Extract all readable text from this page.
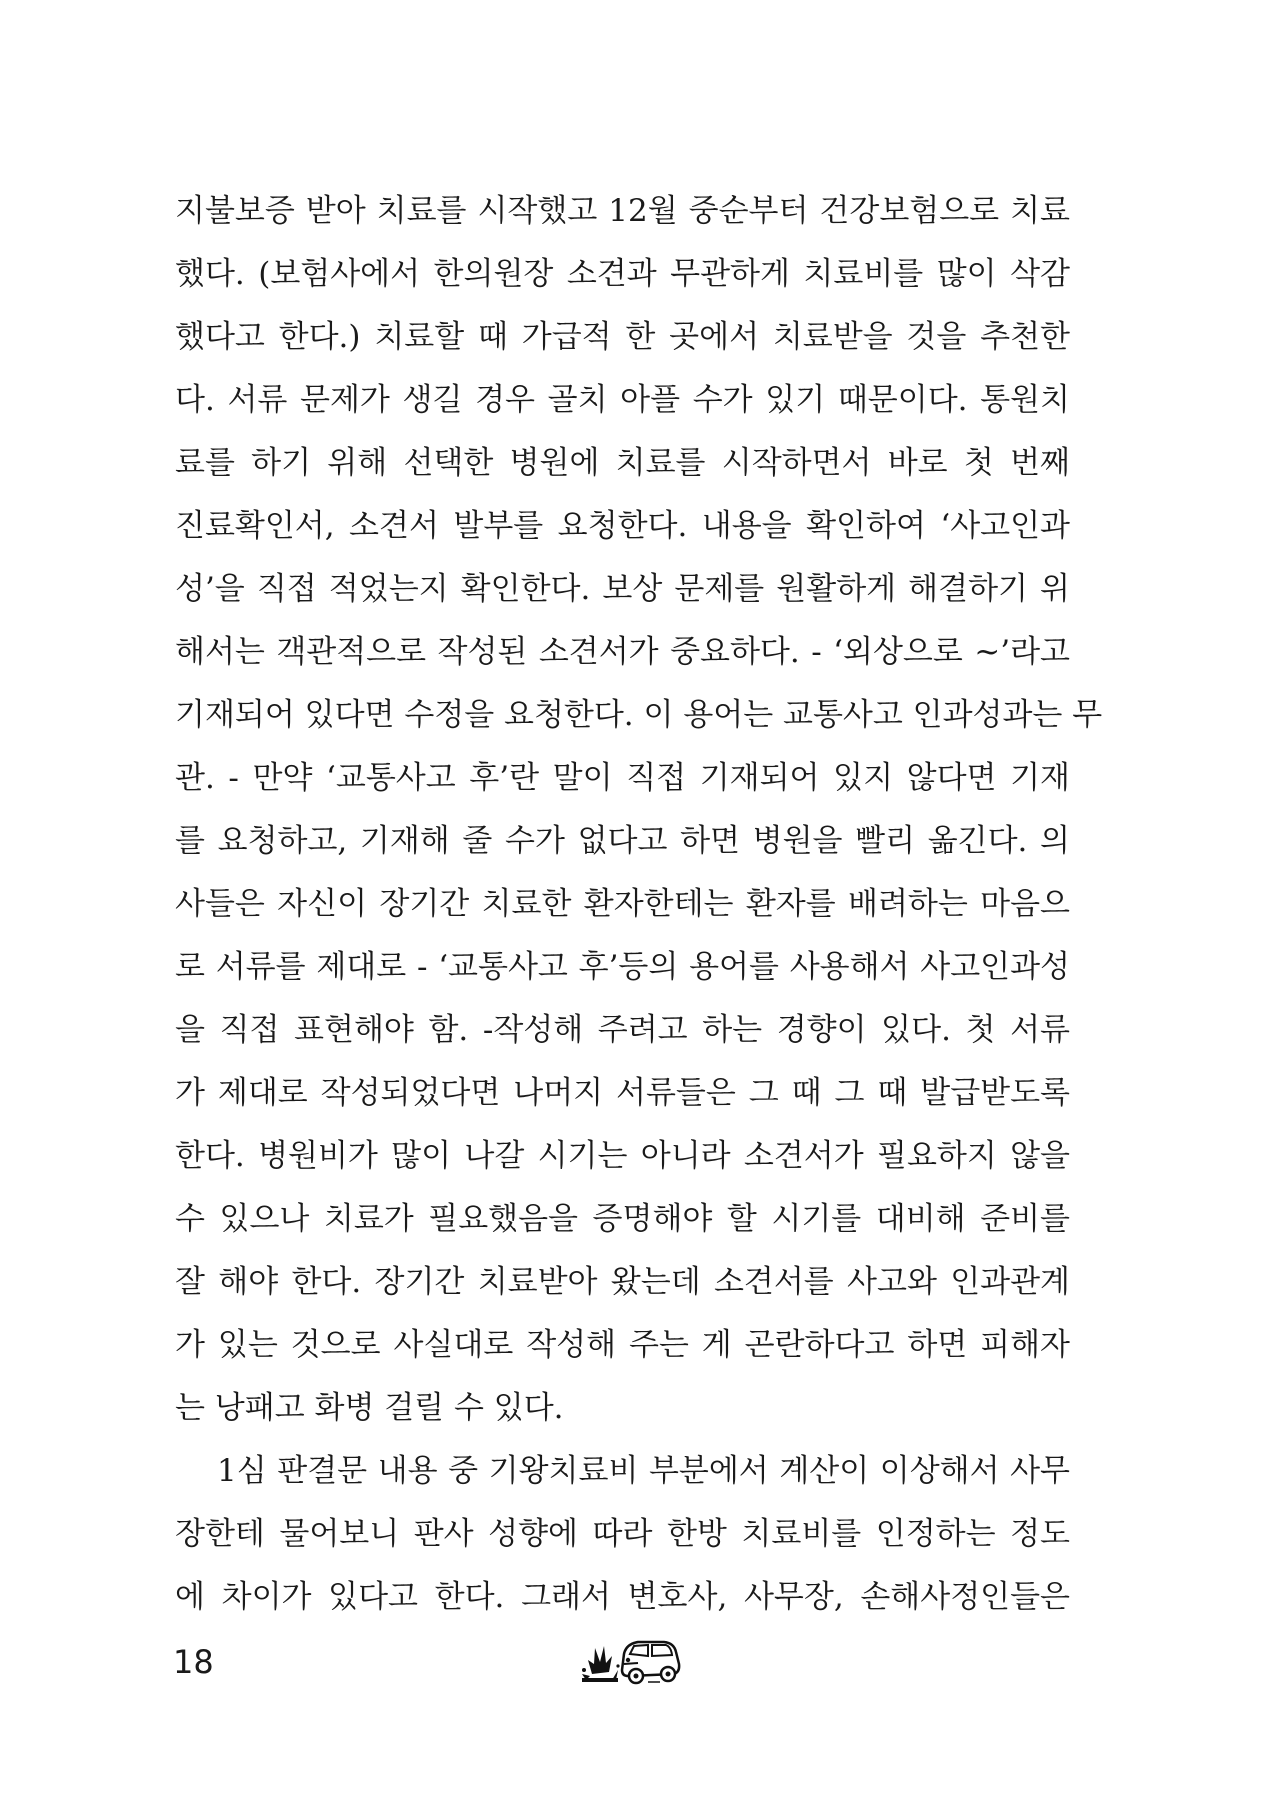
지불보증 받아 치료를 시작했고 12월 중순부터 건강보험으로 치료
했다. (보험사에서 한의원장 소견과 무관하게 치료비를 많이 삭감
했다고 한다.) 치료할 때 가급적 한 곳에서 치료받을 것을 추천한
다. 서류 문제가 생길 경우 골치 아플 수가 있기 때문이다. 통원치
료를 하기 위해 선택한 병원에 치료를 시작하면서 바로 첫 번째
진료확인서, 소견서 발부를 요청한다. 내용을 확인하여 ‘사고인과
성’을 직접 적었는지 확인한다. 보상 문제를 원활하게 해결하기 위
해서는 객관적으로 작성된 소견서가 중요하다. - ‘외상으로 ~’라고
기재되어 있다면 수정을 요청한다. 이 용어는 교통사고 인과성과는 무
관. - 만약 ‘교통사고 후’란 말이 직접 기재되어 있지 않다면 기재
를 요청하고, 기재해 줄 수가 없다고 하면 병원을 빨리 옮긴다. 의
사들은 자신이 장기간 치료한 환자한테는 환자를 배려하는 마음으
로 서류를 제대로 - ‘교통사고 후’등의 용어를 사용해서 사고인과성
을 직접 표현해야 함. -작성해 주려고 하는 경향이 있다. 첫 서류
가 제대로 작성되었다면 나머지 서류들은 그 때 그 때 발급받도록
한다. 병원비가 많이 나갈 시기는 아니라 소견서가 필요하지 않을
수 있으나 치료가 필요했음을 증명해야 할 시기를 대비해 준비를
잘 해야 한다. 장기간 치료받아 왔는데 소견서를 사고와 인과관계
가 있는 것으로 사실대로 작성해 주는 게 곤란하다고 하면 피해자
는 낭패고 화병 걸릴 수 있다.
1심 판결문 내용 중 기왕치료비 부분에서 계산이 이상해서 사무
장한테 물어보니 판사 성향에 따라 한방 치료비를 인정하는 정도
에 차이가 있다고 한다. 그래서 변호사, 사무장, 손해사정인들은
18
